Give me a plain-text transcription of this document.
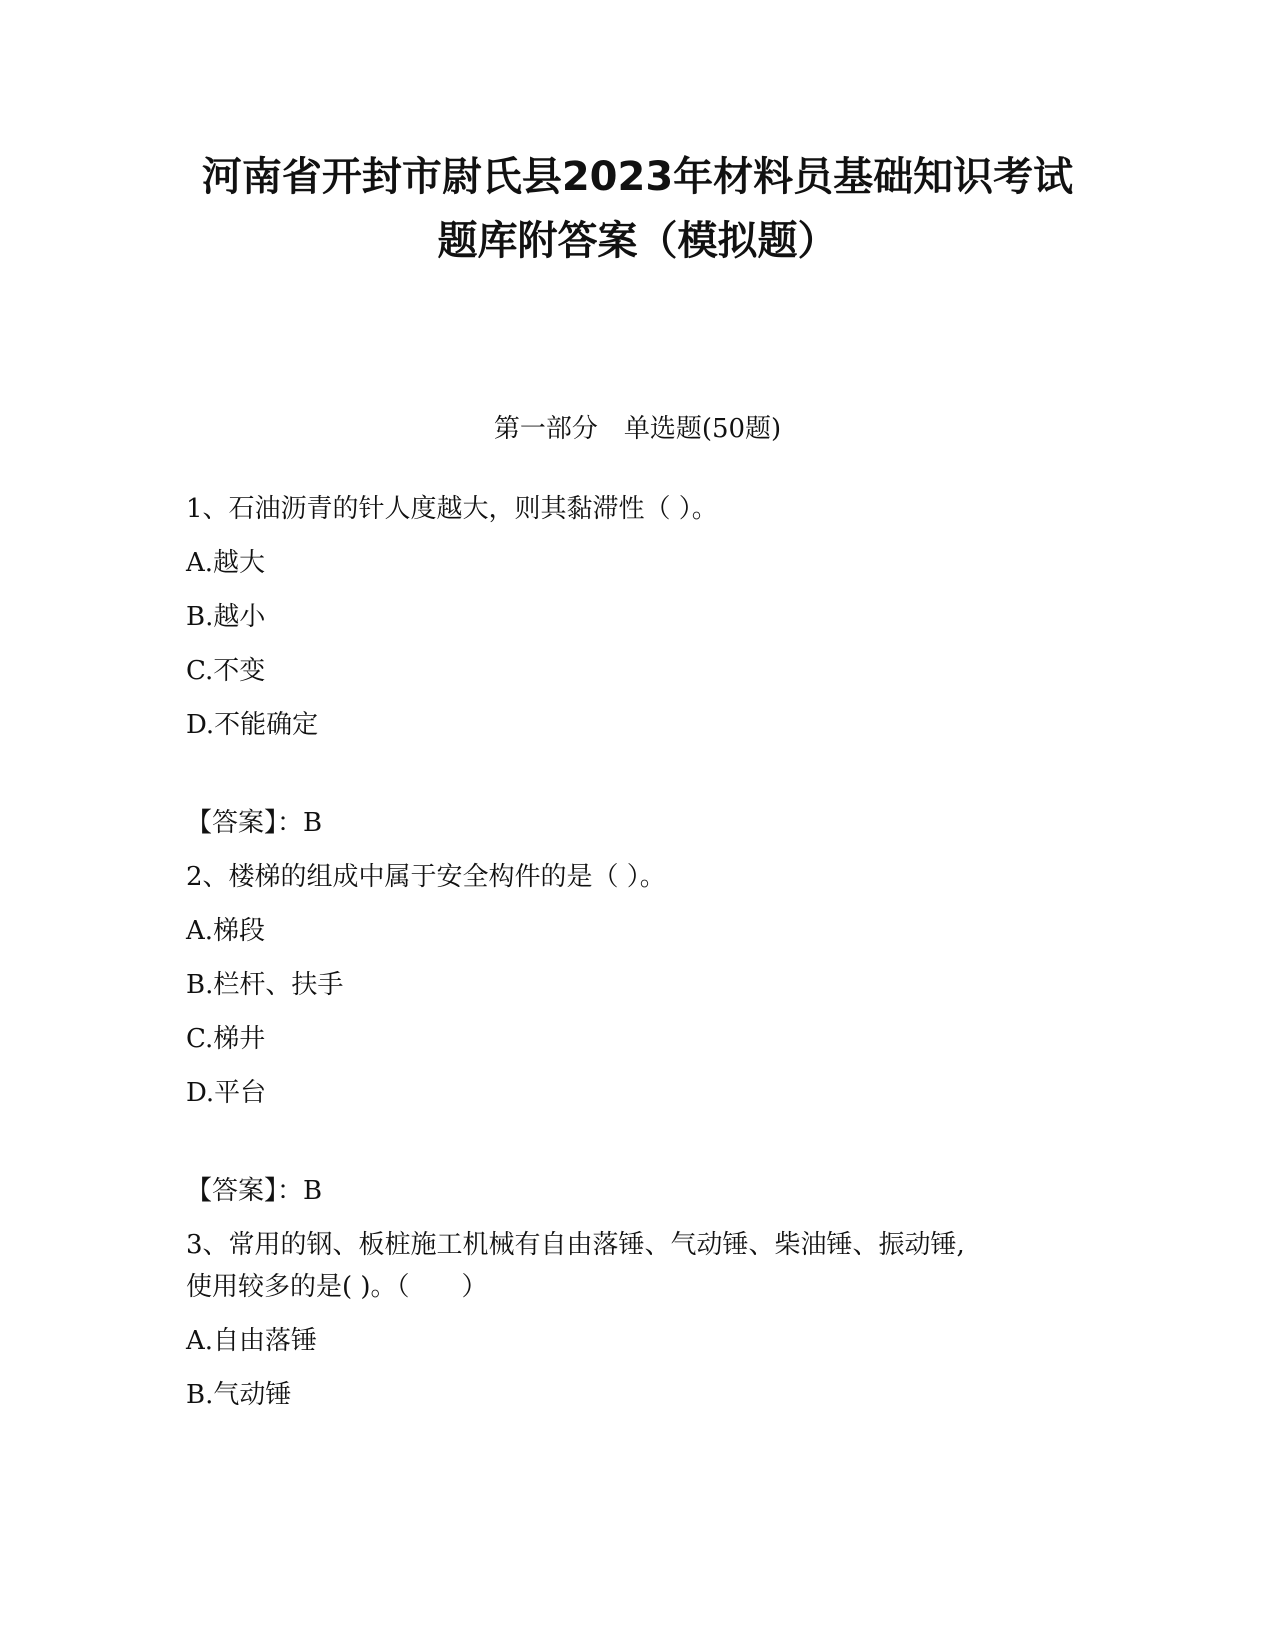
河南省开封市尉氏县2023年材料员基础知识考试
题库附答案（模拟题）
第一部分　单选题(50题)
1、石油沥青的针人度越大，则其黏滞性（ ）。
A.越大
B.越小
C.不变
D.不能确定
【答案】：B
2、楼梯的组成中属于安全构件的是（ ）。
A.梯段
B.栏杆、扶手
C.梯井
D.平台
【答案】：B
3、常用的钢、板桩施工机械有自由落锤、气动锤、柴油锤、振动锤,
使用较多的是( )。（　　）
A.自由落锤
B.气动锤
